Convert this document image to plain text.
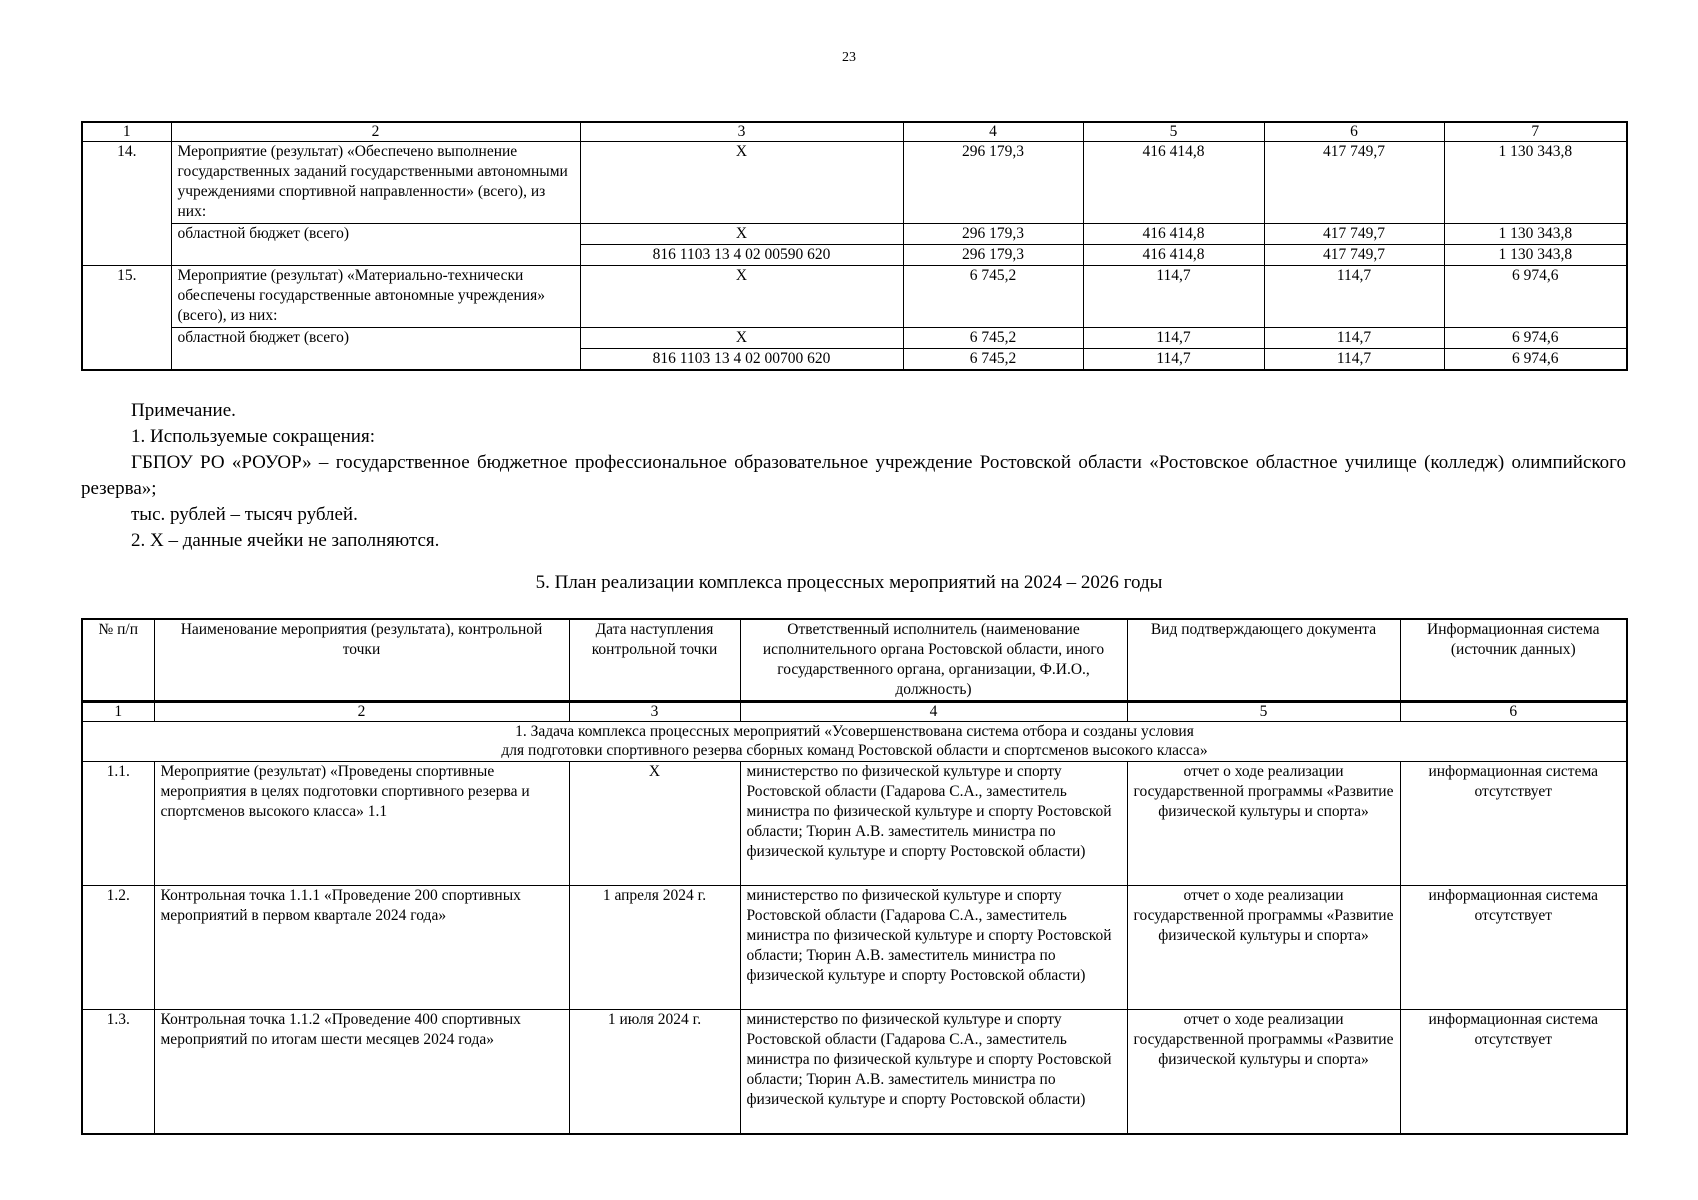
23
1	2	3	4	5	6	7
14.	Мероприятие (результат) «Обеспечено выполнение государственных заданий государственными автономными учреждениями спортивной направленности» (всего), из них:	X	296 179,3	416 414,8	417 749,7	1 130 343,8
	областной бюджет (всего)	X	296 179,3	416 414,8	417 749,7	1 130 343,8
		816 1103 13 4 02 00590 620	296 179,3	416 414,8	417 749,7	1 130 343,8
15.	Мероприятие (результат) «Материально-технически обеспечены государственные автономные учреждения» (всего), из них:	X	6 745,2	114,7	114,7	6 974,6
	областной бюджет (всего)	X	6 745,2	114,7	114,7	6 974,6
		816 1103 13 4 02 00700 620	6 745,2	114,7	114,7	6 974,6

Примечание.

1. Используемые сокращения:

ГБПОУ РО «РОУОР» – государственное бюджетное профессиональное образовательное учреждение Ростовской области «Ростовское областное училище (колледж) олимпийского резерва»;

тыс. рублей – тысяч рублей.

2. X – данные ячейки не заполняются.

5. План реализации комплекса процессных мероприятий на 2024 – 2026 годы
№ п/п	Наименование мероприятия (результата), контрольной точки	Дата наступления контрольной точки	Ответственный исполнитель (наименование исполнительного органа Ростовской области, иного государственного органа, организации, Ф.И.О., должность)	Вид подтверждающего документа	Информационная система (источник данных)
1	2	3	4	5	6

1. Задача комплекса процессных мероприятий «Усовершенствована система отбора и созданы условия
для подготовки спортивного резерва сборных команд Ростовской области и спортсменов высокого класса»					

1.1.	Мероприятие (результат) «Проведены спортивные мероприятия в целях подготовки спортивного резерва и спортсменов высокого класса» 1.1	X	министерство по физической культуре и спорту Ростовской области (Гадарова С.А., заместитель министра по физической культуре и спорту Ростовской области; Тюрин А.В. заместитель министра по физической культуре и спорту Ростовской области)	отчет о ходе реализации государственной программы «Развитие физической культуры и спорта»	информационная система отсутствует
1.2.	Контрольная точка 1.1.1 «Проведение 200 спортивных мероприятий в первом квартале 2024 года»	1 апреля 2024 г.	министерство по физической культуре и спорту Ростовской области (Гадарова С.А., заместитель министра по физической культуре и спорту Ростовской области; Тюрин А.В. заместитель министра по физической культуре и спорту Ростовской области)	отчет о ходе реализации государственной программы «Развитие физической культуры и спорта»	информационная система отсутствует
1.3.	Контрольная точка 1.1.2 «Проведение 400 спортивных мероприятий по итогам шести месяцев 2024 года»	1 июля 2024 г.	министерство по физической культуре и спорту Ростовской области (Гадарова С.А., заместитель министра по физической культуре и спорту Ростовской области; Тюрин А.В. заместитель министра по физической культуре и спорту Ростовской области)	отчет о ходе реализации государственной программы «Развитие физической культуры и спорта»	информационная система отсутствует
